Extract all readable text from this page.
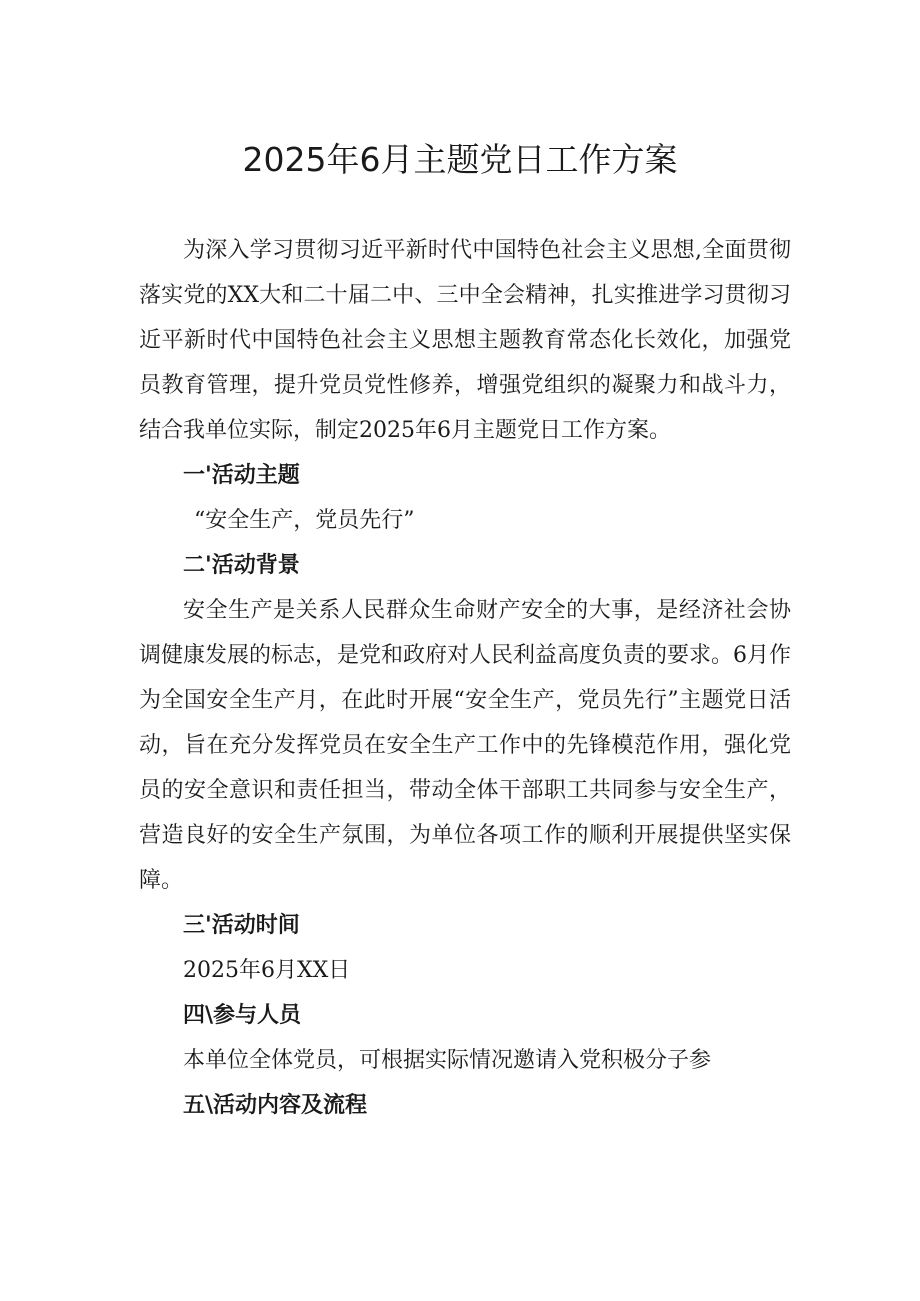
2025年6月主题党日工作方案

为深入学习贯彻习近平新时代中国特色社会主义思想,全面贯彻落实党的XX大和二十届二中、三中全会精神，扎实推进学习贯彻习近平新时代中国特色社会主义思想主题教育常态化长效化，加强党员教育管理，提升党员党性修养，增强党组织的凝聚力和战斗力，结合我单位实际，制定2025年6月主题党日工作方案。

一'活动主题

“安全生产，党员先行”

二'活动背景

安全生产是关系人民群众生命财产安全的大事，是经济社会协调健康发展的标志，是党和政府对人民利益高度负责的要求。6月作为全国安全生产月，在此时开展“安全生产，党员先行”主题党日活动，旨在充分发挥党员在安全生产工作中的先锋模范作用，强化党员的安全意识和责任担当，带动全体干部职工共同参与安全生产，营造良好的安全生产氛围，为单位各项工作的顺利开展提供坚实保障。

三'活动时间

2025年6月XX日

四\参与人员

本单位全体党员，可根据实际情况邀请入党积极分子参

五\活动内容及流程
